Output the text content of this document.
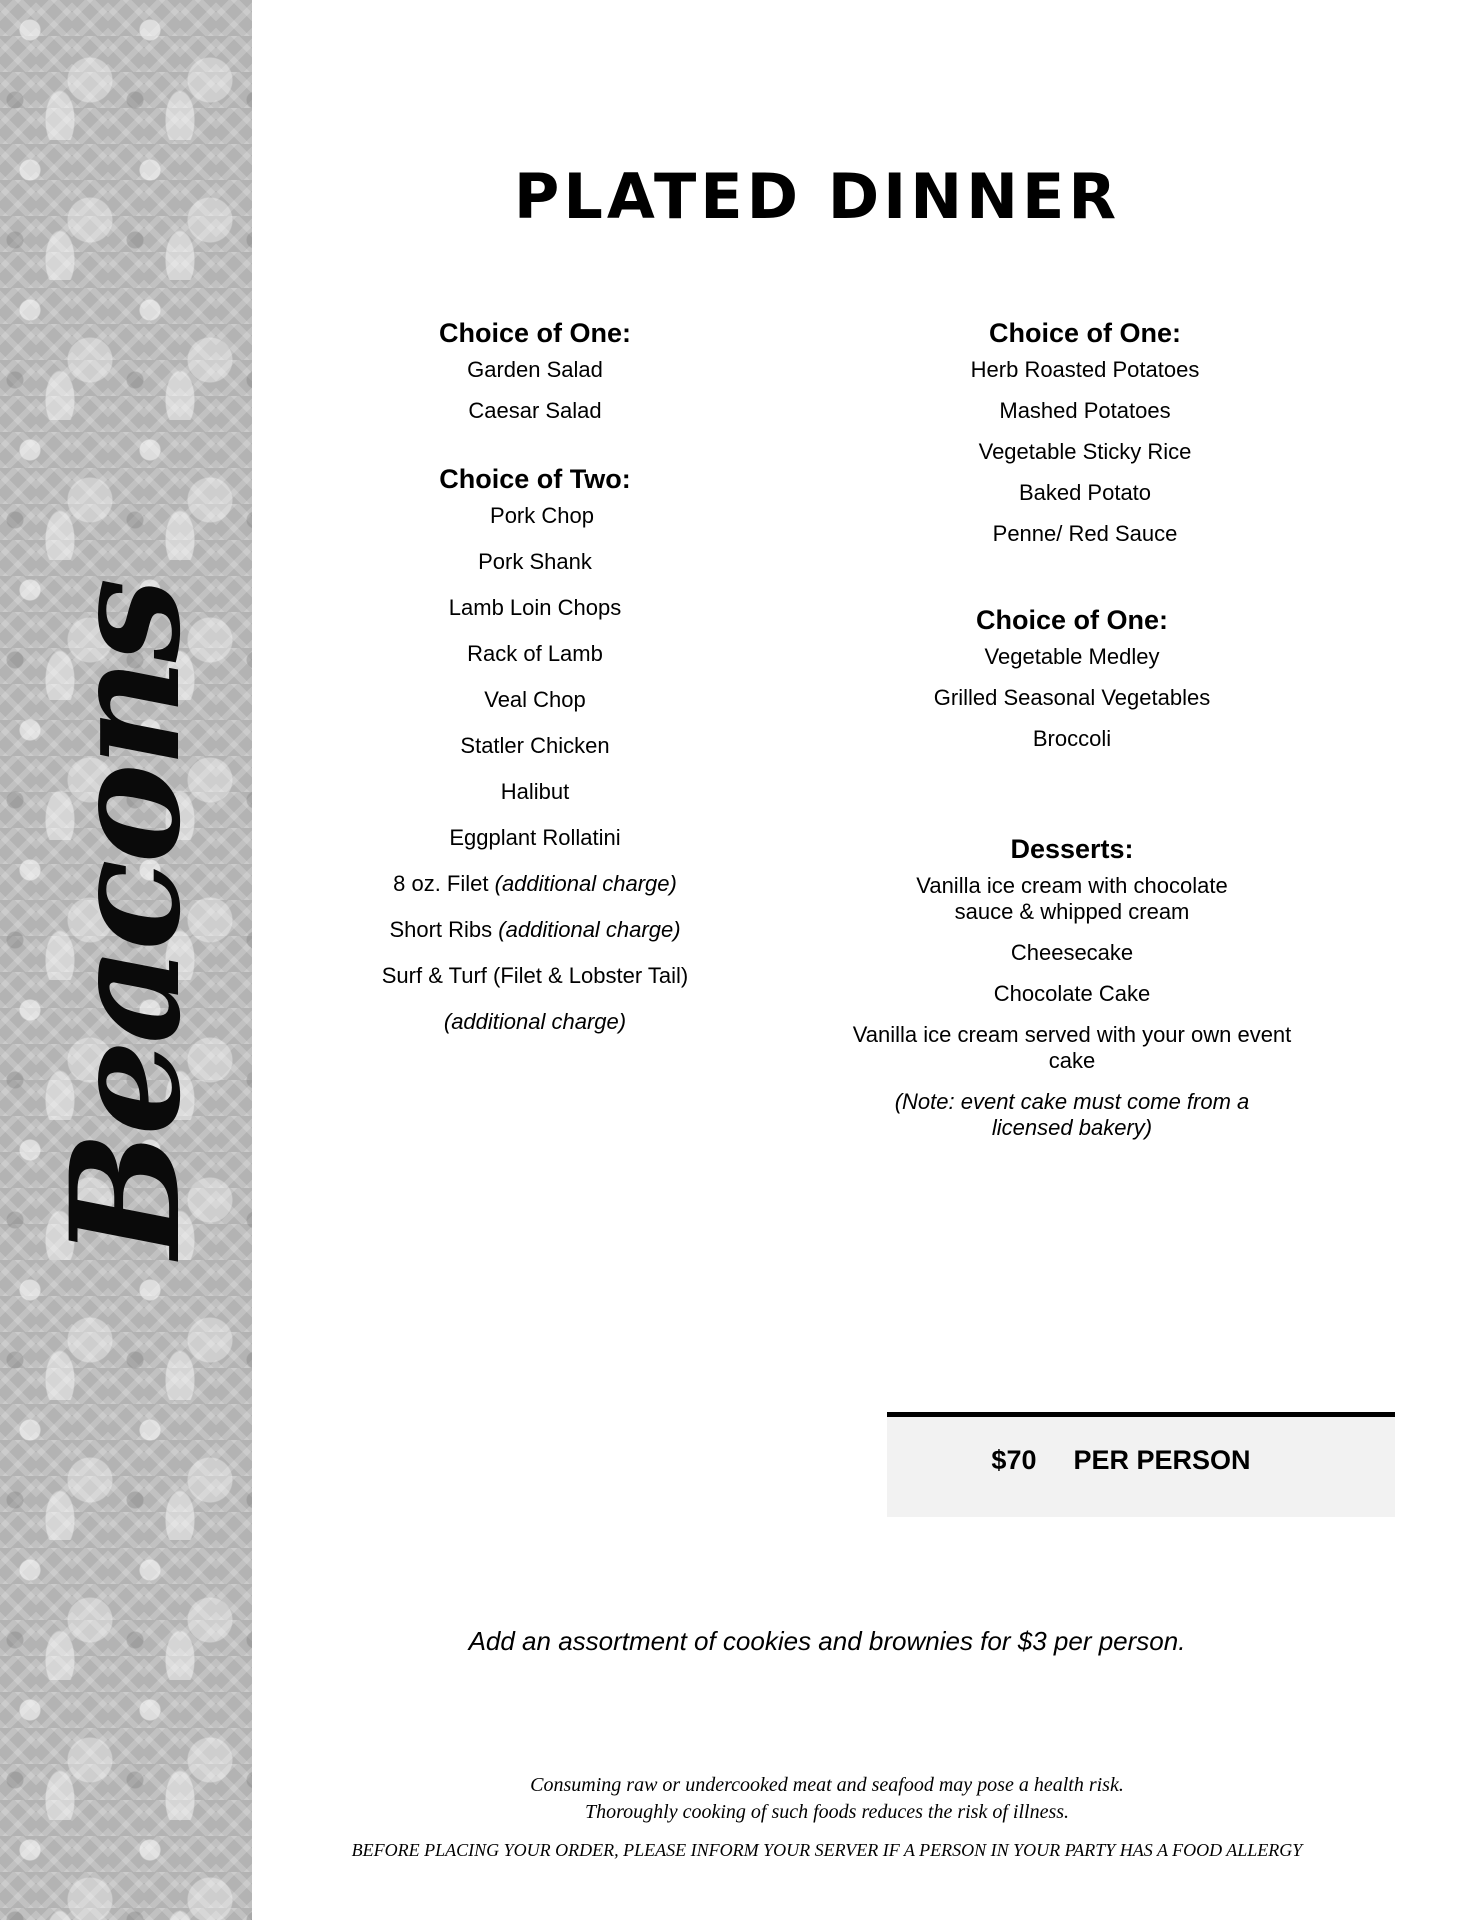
Beacons
PLATED DINNER
Choice of One:
Garden Salad
Caesar Salad
Choice of Two:
Pork Chop
Pork Shank
Lamb Loin Chops
Rack of Lamb
Veal Chop
Statler Chicken
Halibut
Eggplant Rollatini
8 oz. Filet (additional charge)
Short Ribs (additional charge)
Surf & Turf (Filet & Lobster Tail)
(additional charge)
Choice of One:
Herb Roasted Potatoes
Mashed Potatoes
Vegetable Sticky Rice
Baked Potato
Penne/ Red Sauce
Choice of One:
Vegetable Medley
Grilled Seasonal Vegetables
Broccoli
Desserts:
Vanilla ice cream with chocolate sauce & whipped cream
Cheesecake
Chocolate Cake
Vanilla ice cream served with your own event cake
(Note: event cake must come from a licensed bakery)
$70 PER PERSON
Add an assortment of cookies and brownies for $3 per person.
Consuming raw or undercooked meat and seafood may pose a health risk.
Thoroughly cooking of such foods reduces the risk of illness.
BEFORE PLACING YOUR ORDER, PLEASE INFORM YOUR SERVER IF A PERSON IN YOUR PARTY HAS A FOOD ALLERGY
